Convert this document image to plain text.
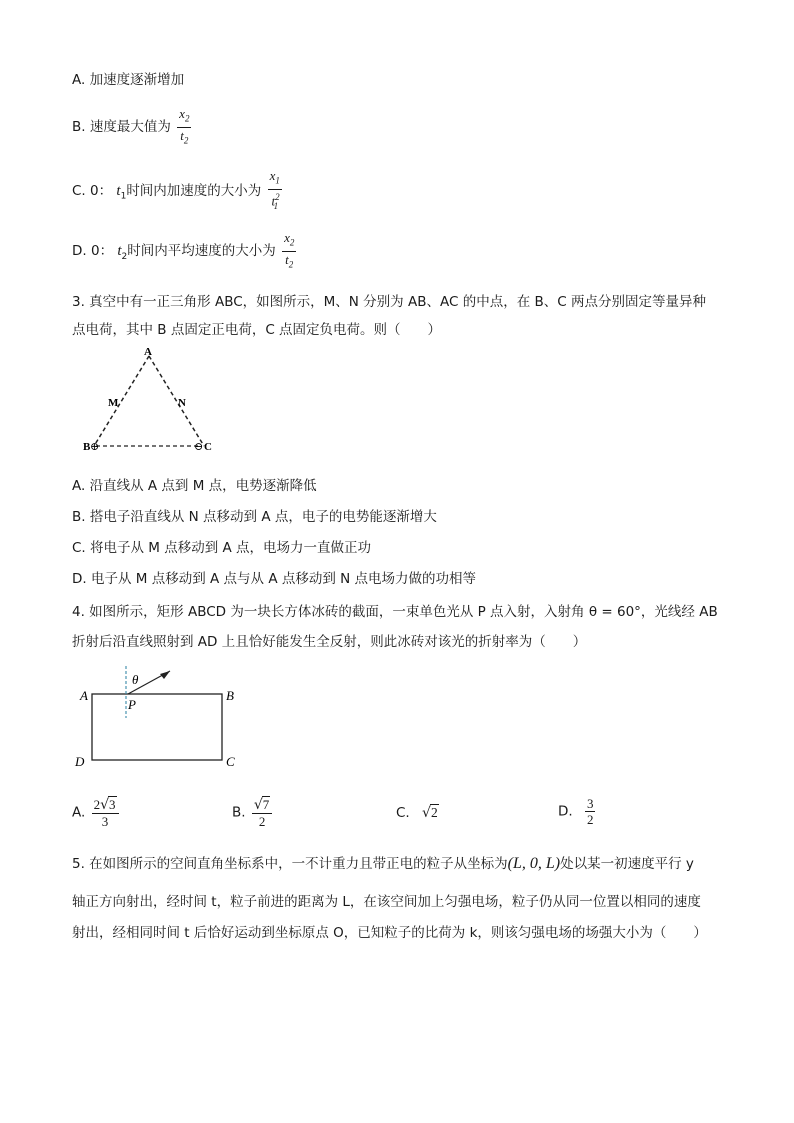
A. 加速度逐渐增加
B. 速度最大值为 $\frac{x_2}{t_2}$
C. 0： $t_1$时间内加速度的大小为 $\frac{x_1}{t^2_1}$
D. 0： $t_2$时间内平均速度的大小为 $\frac{x_2}{t_2}$
3. 真空中有一正三角形 ABC，如图所示，M、N 分别为 AB、AC 的中点，在 B、C 两点分别固定等量异种
点电荷，其中 B 点固定正电荷，C 点固定负电荷。则（　　）
A
M	N
B ⊕	⊖ C
A. 沿直线从 A 点到 M 点，电势逐渐降低
B. 搭电子沿直线从 N 点移动到 A 点，电子的电势能逐渐增大
C. 将电子从 M 点移动到 A 点，电场力一直做正功
D. 电子从 M 点移动到 A 点与从 A 点移动到 N 点电场力做的功相等
4. 如图所示，矩形 ABCD 为一块长方体冰砖的截面，一束单色光从 P 点入射，入射角 θ = 60°，光线经 AB
折射后沿直线照射到 AD 上且恰好能发生全反射，则此冰砖对该光的折射率为（　　）
θ
A	B
P
D	C
A. $\frac{2√3}{3}$	B. $\frac{√7}{2}$	C. √2	D. $\frac{3}{2}$
5. 在如图所示的空间直角坐标系中，一不计重力且带正电的粒子从坐标为(L, 0, L)处以某一初速度平行 y
轴正方向射出，经时间 t，粒子前进的距离为 L，在该空间加上匀强电场，粒子仍从同一位置以相同的速度
射出，经相同时间 t 后恰好运动到坐标原点 O，已知粒子的比荷为 k，则该匀强电场的场强大小为（　　）
